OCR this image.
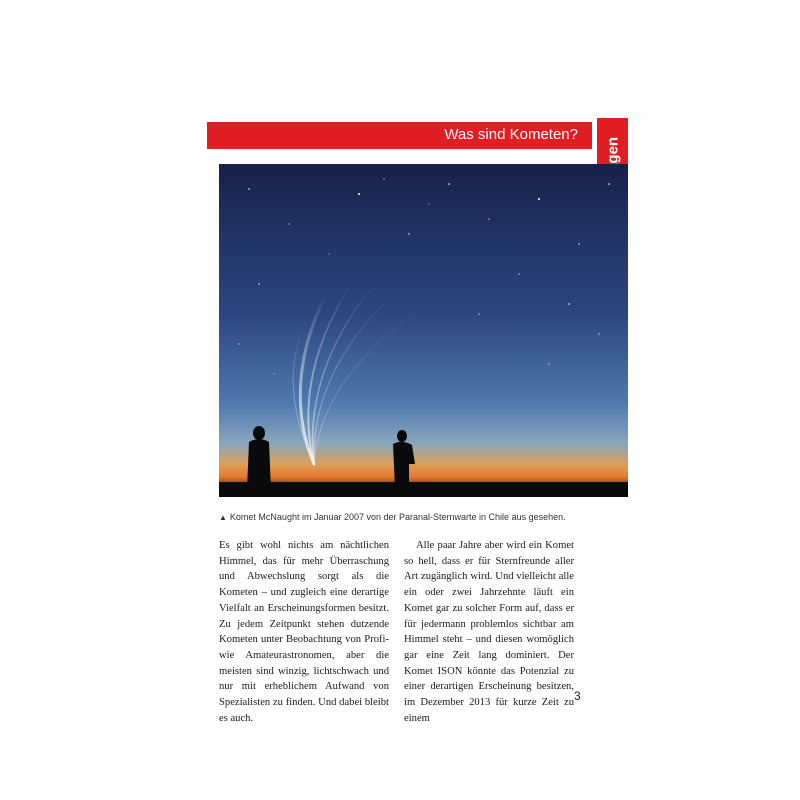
Was sind Kometen?
▲ Komet McNaught im Januar 2007 von der Paranal-Sternwarte in Chile aus gesehen.
Es gibt wohl nichts am nächtlichen Himmel, das für mehr Überraschung und Abwechslung sorgt als die Kometen – und zugleich eine derartige Vielfalt an Erscheinungsformen besitzt. Zu jedem Zeitpunkt stehen dutzende Kometen unter Beobachtung von Profi- wie Amateurastronomen, aber die meisten sind winzig, lichtschwach und nur mit erheblichem Aufwand von Spezialisten zu finden. Und dabei bleibt es auch.
Alle paar Jahre aber wird ein Komet so hell, dass er für Sternfreunde aller Art zugänglich wird. Und vielleicht alle ein oder zwei Jahrzehnte läuft ein Komet gar zu solcher Form auf, dass er für jedermann problemlos sichtbar am Himmel steht – und diesen womöglich gar eine Zeit lang dominiert. Der Komet ISON könnte das Potenzial zu einer derartigen Erscheinung besitzen, im Dezember 2013 für kurze Zeit zu einem
3
